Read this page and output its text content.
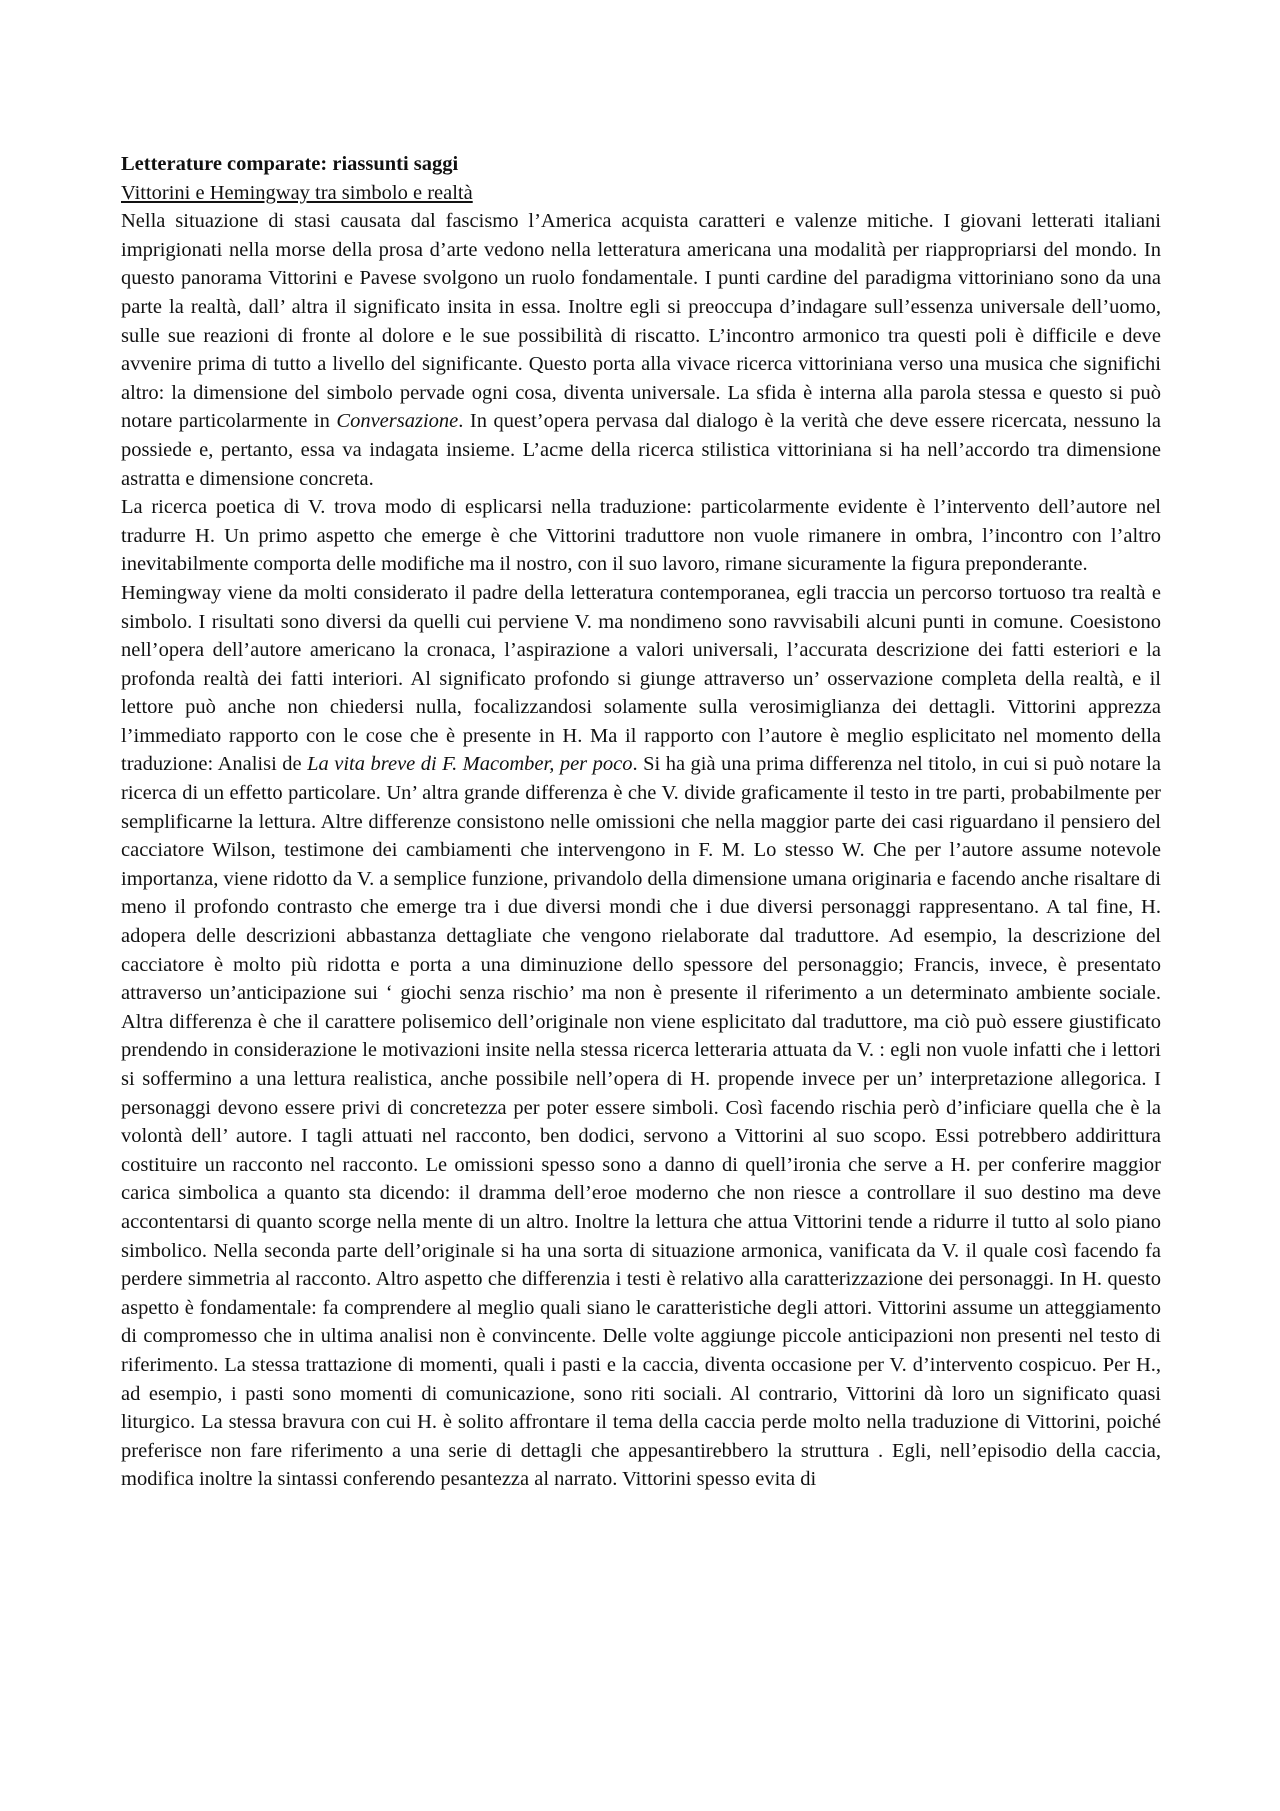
Letterature comparate: riassunti saggi

Vittorini e Hemingway tra simbolo e realtà

Nella situazione di stasi causata dal fascismo l’America acquista caratteri e valenze mitiche. I giovani letterati italiani imprigionati nella morse della prosa d’arte vedono nella letteratura americana una modalità per riappropriarsi del mondo. In questo panorama Vittorini e Pavese svolgono un ruolo fondamentale. I punti cardine del paradigma vittoriniano sono da una parte la realtà, dall’ altra il significato insita in essa. Inoltre egli si preoccupa d’indagare sull’essenza universale dell’uomo, sulle sue reazioni di fronte al dolore e le sue possibilità di riscatto. L’incontro armonico tra questi poli è difficile e deve avvenire prima di tutto a livello del significante. Questo porta alla vivace ricerca vittoriniana verso una musica che significhi altro: la dimensione del simbolo pervade ogni cosa, diventa universale. La sfida è interna alla parola stessa e questo si può notare particolarmente in Conversazione. In quest’opera pervasa dal dialogo è la verità che deve essere ricercata, nessuno la possiede e, pertanto, essa va indagata insieme. L’acme della ricerca stilistica vittoriniana si ha nell’accordo tra dimensione astratta e dimensione concreta.

La ricerca poetica di V. trova modo di esplicarsi nella traduzione: particolarmente evidente è l’intervento dell’autore nel tradurre H. Un primo aspetto che emerge è che Vittorini traduttore non vuole rimanere in ombra, l’incontro con l’altro inevitabilmente comporta delle modifiche ma il nostro, con il suo lavoro, rimane sicuramente la figura preponderante.

Hemingway viene da molti considerato il padre della letteratura contemporanea, egli traccia un percorso tortuoso tra realtà e simbolo. I risultati sono diversi da quelli cui perviene V. ma nondimeno sono ravvisabili alcuni punti in comune. Coesistono nell’opera dell’autore americano la cronaca, l’aspirazione a valori universali, l’accurata descrizione dei fatti esteriori e la profonda realtà dei fatti interiori. Al significato profondo si giunge attraverso un’ osservazione completa della realtà, e il lettore può anche non chiedersi nulla, focalizzandosi solamente sulla verosimiglianza dei dettagli. Vittorini apprezza l’immediato rapporto con le cose che è presente in H. Ma il rapporto con l’autore è meglio esplicitato nel momento della traduzione: Analisi de La vita breve di F. Macomber, per poco. Si ha già una prima differenza nel titolo, in cui si può notare la ricerca di un effetto particolare. Un’ altra grande differenza è che V. divide graficamente il testo in tre parti, probabilmente per semplificarne la lettura. Altre differenze consistono nelle omissioni che nella maggior parte dei casi riguardano il pensiero del cacciatore Wilson, testimone dei cambiamenti che intervengono in F. M. Lo stesso W. Che per l’autore assume notevole importanza, viene ridotto da V. a semplice funzione, privandolo della dimensione umana originaria e facendo anche risaltare di meno il profondo contrasto che emerge tra i due diversi mondi che i due diversi personaggi rappresentano. A tal fine, H. adopera delle descrizioni abbastanza dettagliate che vengono rielaborate dal traduttore. Ad esempio, la descrizione del cacciatore è molto più ridotta e porta a una diminuzione dello spessore del personaggio; Francis, invece, è presentato attraverso un’anticipazione sui ‘ giochi senza rischio’ ma non è presente il riferimento a un determinato ambiente sociale. Altra differenza è che il carattere polisemico dell’originale non viene esplicitato dal traduttore, ma ciò può essere giustificato prendendo in considerazione le motivazioni insite nella stessa ricerca letteraria attuata da V. : egli non vuole infatti che i lettori si soffermino a una lettura realistica, anche possibile nell’opera di H. propende invece per un’ interpretazione allegorica. I personaggi devono essere privi di concretezza per poter essere simboli. Così facendo rischia però d’inficiare quella che è la volontà dell’ autore. I tagli attuati nel racconto, ben dodici, servono a Vittorini al suo scopo. Essi potrebbero addirittura costituire un racconto nel racconto. Le omissioni spesso sono a danno di quell’ironia che serve a H. per conferire maggior carica simbolica a quanto sta dicendo: il dramma dell’eroe moderno che non riesce a controllare il suo destino ma deve accontentarsi di quanto scorge nella mente di un altro. Inoltre la lettura che attua Vittorini tende a ridurre il tutto al solo piano simbolico. Nella seconda parte dell’originale si ha una sorta di situazione armonica, vanificata da V. il quale così facendo fa perdere simmetria al racconto. Altro aspetto che differenzia i testi è relativo alla caratterizzazione dei personaggi. In H. questo aspetto è fondamentale: fa comprendere al meglio quali siano le caratteristiche degli attori. Vittorini assume un atteggiamento di compromesso che in ultima analisi non è convincente. Delle volte aggiunge piccole anticipazioni non presenti nel testo di riferimento. La stessa trattazione di momenti, quali i pasti e la caccia, diventa occasione per V. d’intervento cospicuo. Per H., ad esempio, i pasti sono momenti di comunicazione, sono riti sociali. Al contrario, Vittorini dà loro un significato quasi liturgico. La stessa bravura con cui H. è solito affrontare il tema della caccia perde molto nella traduzione di Vittorini, poiché preferisce non fare riferimento a una serie di dettagli che appesantirebbero la struttura . Egli, nell’episodio della caccia, modifica inoltre la sintassi conferendo pesantezza al narrato. Vittorini spesso evita di
